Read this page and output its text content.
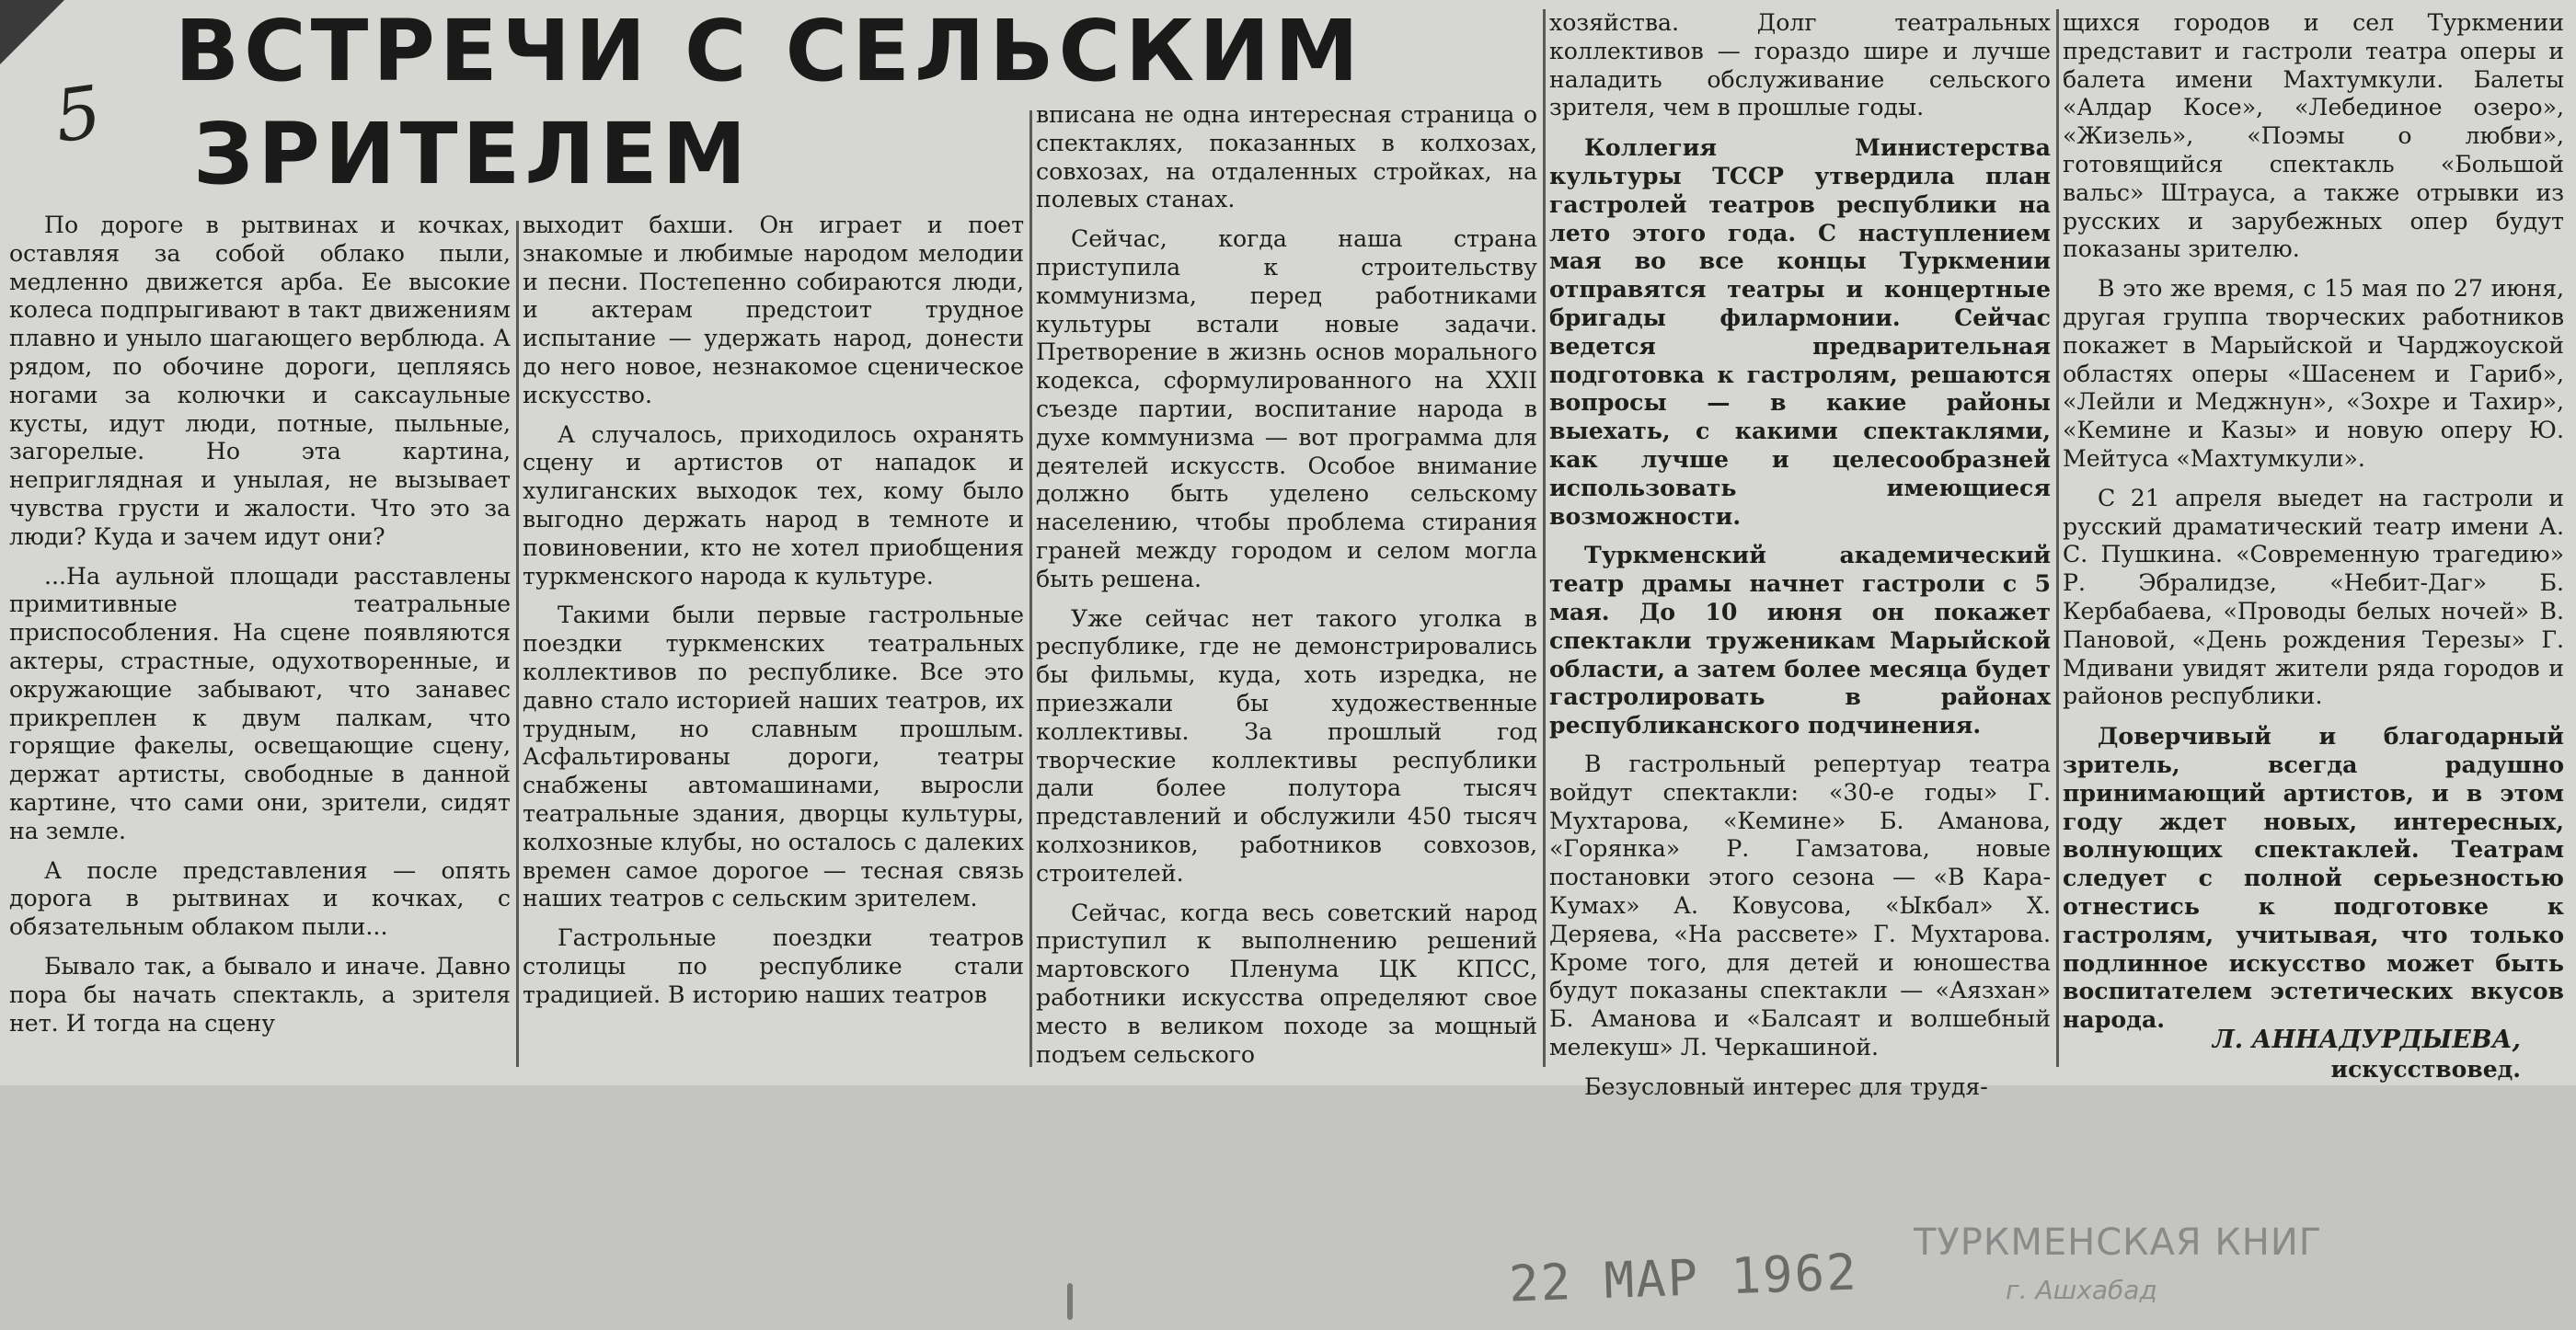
5
ВСТРЕЧИ С СЕЛЬСКИМ
ЗРИТЕЛЕМ

По дороге в рытвинах и кочках, оставляя за собой облако пыли, медленно движется арба. Ее высокие колеса подпрыгивают в такт движениям плавно и уныло шагающего верблюда. А рядом, по обочине дороги, цепляясь ногами за колючки и саксаульные кусты, идут люди, потные, пыльные, загорелые. Но эта картина, неприглядная и унылая, не вызывает чувства грусти и жалости. Что это за люди? Куда и зачем идут они?

...На аульной площади расставлены примитивные театральные приспособления. На сцене появляются актеры, страстные, одухотворенные, и окружающие забывают, что занавес прикреплен к двум палкам, что горящие факелы, освещающие сцену, держат артисты, свободные в данной картине, что сами они, зрители, сидят на земле.

А после представления — опять дорога в рытвинах и кочках, с обязательным облаком пыли...

Бывало так, а бывало и иначе. Давно пора бы начать спектакль, а зрителя нет. И тогда на сцену

выходит бахши. Он играет и поет знакомые и любимые народом мелодии и песни. Постепенно собираются люди, и актерам предстоит трудное испытание — удержать народ, донести до него новое, незнакомое сценическое искусство.

А случалось, приходилось охранять сцену и артистов от нападок и хулиганских выходок тех, кому было выгодно держать народ в темноте и повиновении, кто не хотел приобщения туркменского народа к культуре.

Такими были первые гастрольные поездки туркменских театральных коллективов по республике. Все это давно стало историей наших театров, их трудным, но славным прошлым. Асфальтированы дороги, театры снабжены автомашинами, выросли театральные здания, дворцы культуры, колхозные клубы, но осталось с далеких времен самое дорогое — тесная связь наших театров с сельским зрителем.

Гастрольные поездки театров столицы по республике стали традицией. В историю наших театров

вписана не одна интересная страница о спектаклях, показанных в колхозах, совхозах, на отдаленных стройках, на полевых станах.

Сейчас, когда наша страна приступила к строительству коммунизма, перед работниками культуры встали новые задачи. Претворение в жизнь основ морального кодекса, сформулированного на XXII съезде партии, воспитание народа в духе коммунизма — вот программа для деятелей искусств. Особое внимание должно быть уделено сельскому населению, чтобы проблема стирания граней между городом и селом могла быть решена.

Уже сейчас нет такого уголка в республике, где не демонстрировались бы фильмы, куда, хоть изредка, не приезжали бы художественные коллективы. За прошлый год творческие коллективы республики дали более полутора тысяч представлений и обслужили 450 тысяч колхозников, работников совхозов, строителей.

Сейчас, когда весь советский народ приступил к выполнению решений мартовского Пленума ЦК КПСС, работники искусства определяют свое место в великом походе за мощный подъем сельского

хозяйства. Долг театральных коллективов — гораздо шире и лучше наладить обслуживание сельского зрителя, чем в прошлые годы.

Коллегия Министерства культуры ТССР утвердила план гастролей театров республики на лето этого года. С наступлением мая во все концы Туркмении отправятся театры и концертные бригады филармонии. Сейчас ведется предварительная подготовка к гастролям, решаются вопросы — в какие районы выехать, с какими спектаклями, как лучше и целесообразней использовать имеющиеся возможности.

Туркменский академический театр драмы начнет гастроли с 5 мая. До 10 июня он покажет спектакли труженикам Марыйской области, а затем более месяца будет гастролировать в районах республиканского подчинения.

В гастрольный репертуар театра войдут спектакли: «30-е годы» Г. Мухтарова, «Кемине» Б. Аманова, «Горянка» Р. Гамзатова, новые постановки этого сезона — «В Кара-Кумах» А. Ковусова, «Ыкбал» Х. Деряева, «На рассвете» Г. Мухтарова. Кроме того, для детей и юношества будут показаны спектакли — «Аязхан» Б. Аманова и «Балсаят и волшебный мелекуш» Л. Черкашиной.

Безусловный интерес для трудя-

щихся городов и сел Туркмении представит и гастроли театра оперы и балета имени Махтумкули. Балеты «Алдар Косе», «Лебединое озеро», «Жизель», «Поэмы о любви», готовящийся спектакль «Большой вальс» Штрауса, а также отрывки из русских и зарубежных опер будут показаны зрителю.

В это же время, с 15 мая по 27 июня, другая группа творческих работников покажет в Марыйской и Чарджоуской областях оперы «Шасенем и Гариб», «Лейли и Меджнун», «Зохре и Тахир», «Кемине и Казы» и новую оперу Ю. Мейтуса «Махтумкули».

С 21 апреля выедет на гастроли и русский драматический театр имени А. С. Пушкина. «Современную трагедию» Р. Эбралидзе, «Небит-Даг» Б. Кербабаева, «Проводы белых ночей» В. Пановой, «День рождения Терезы» Г. Мдивани увидят жители ряда городов и районов республики.

Доверчивый и благодарный зритель, всегда радушно принимающий артистов, и в этом году ждет новых, интересных, волнующих спектаклей. Театрам следует с полной серьезностью отнестись к подготовке к гастролям, учитывая, что только подлинное искусство может быть воспитателем эстетических вкусов народа.

Л. АННАДУРДЫЕВА,
искусствовед.
22 МАР 1962
ТУРКМЕНСКАЯ КНИГ
г. Ашхабад
